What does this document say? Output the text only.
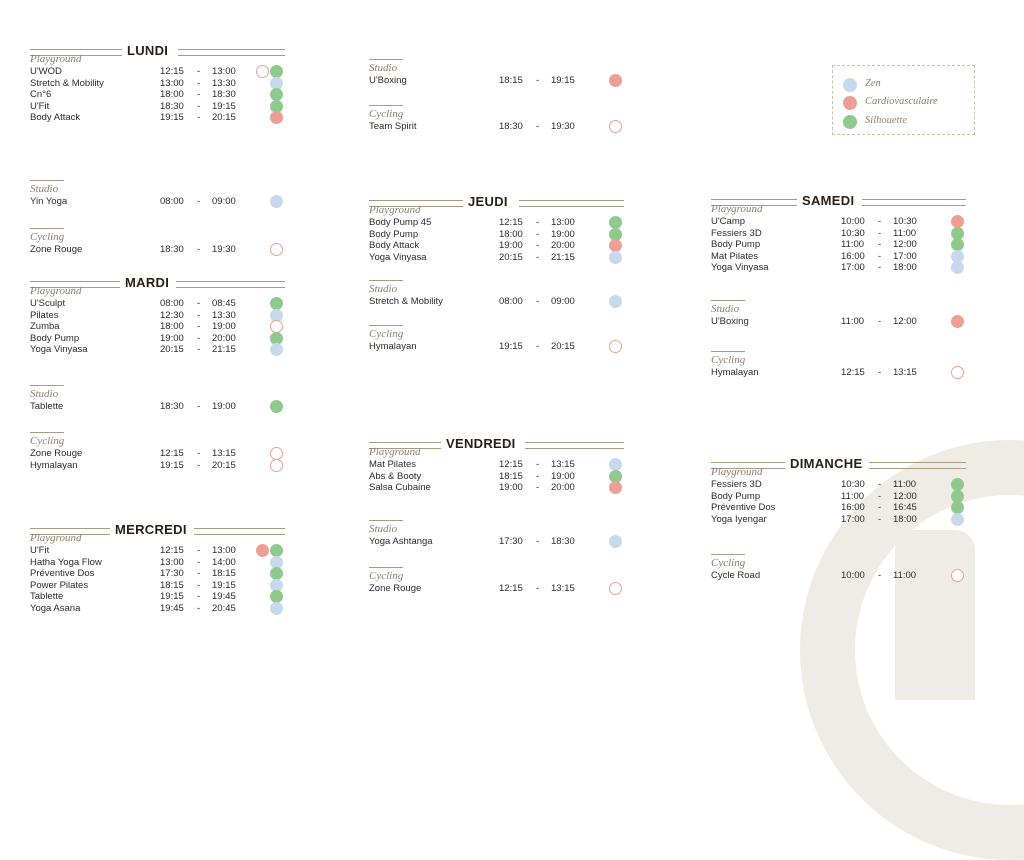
Zen
Cardiovasculaire
Silhouette
LUNDI
Playground
U'WOD	12:15 - 13:00
Stretch & Mobility	13:00 - 13:30
Cn°6	18:00 - 18:30
U'Fit	18:30 - 19:15
Body Attack	19:15 - 20:15
Studio
Yin Yoga	08:00 - 09:00
Cycling
Zone Rouge	18:30 - 19:30
MARDI
Playground
U'Sculpt	08:00 - 08:45
Pilates	12:30 - 13:30
Zumba	18:00 - 19:00
Body Pump	19:00 - 20:00
Yoga Vinyasa	20:15 - 21:15
Studio
Tablette	18:30 - 19:00
Cycling
Zone Rouge	12:15 - 13:15
Hymalayan	19:15 - 20:15
MERCREDI
Playground
U'Fit	12:15 - 13:00
Hatha Yoga Flow	13:00 - 14:00
Préventive Dos	17:30 - 18:15
Power Pilates	18:15 - 19:15
Tablette	19:15 - 19:45
Yoga Asana	19:45 - 20:45
Studio
U'Boxing	18:15 - 19:15
Cycling
Team Spirit	18:30 - 19:30
JEUDI
Playground
Body Pump 45	12:15 - 13:00
Body Pump	18:00 - 19:00
Body Attack	19:00 - 20:00
Yoga Vinyasa	20:15 - 21:15
Studio
Stretch & Mobility	08:00 - 09:00
Cycling
Hymalayan	19:15 - 20:15
VENDREDI
Playground
Mat Pilates	12:15 - 13:15
Abs & Booty	18:15 - 19:00
Salsa Cubaine	19:00 - 20:00
Studio
Yoga Ashtanga	17:30 - 18:30
Cycling
Zone Rouge	12:15 - 13:15
SAMEDI
Playground
U'Camp	10:00 - 10:30
Fessiers 3D	10:30 - 11:00
Body Pump	11:00 - 12:00
Mat Pilates	16:00 - 17:00
Yoga Vinyasa	17:00 - 18:00
Studio
U'Boxing	11:00 - 12:00
Cycling
Hymalayan	12:15 - 13:15
DIMANCHE
Playground
Fessiers 3D	10:30 - 11:00
Body Pump	11:00 - 12:00
Préventive Dos	16:00 - 16:45
Yoga Iyengar	17:00 - 18:00
Cycling
Cycle Road	10:00 - 11:00
